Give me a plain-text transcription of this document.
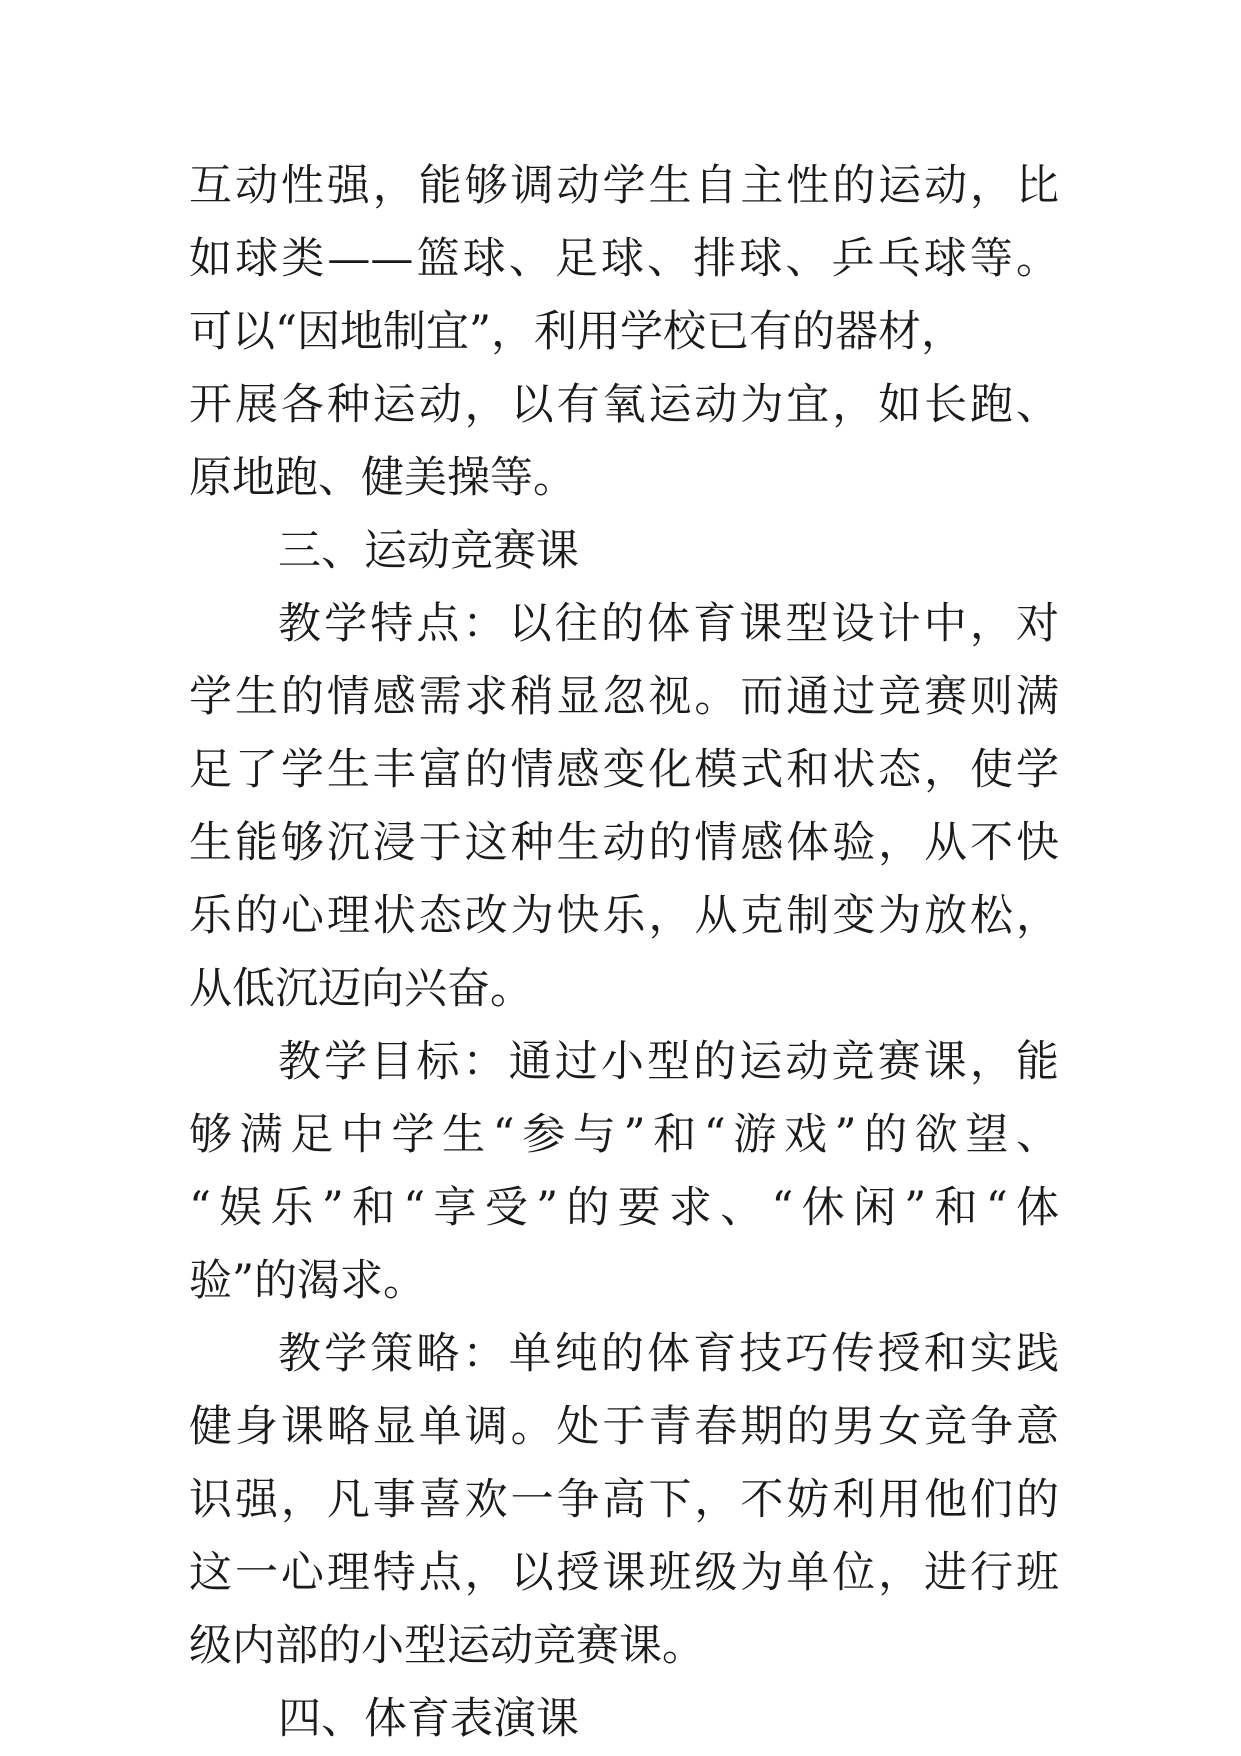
互动性强，能够调动学生自主性的运动，比
如球类——篮球、足球、排球、乒乓球等。
可以“因地制宜”，利用学校已有的器材，
开展各种运动，以有氧运动为宜，如长跑、
原地跑、健美操等。
三、运动竞赛课
教学特点：以往的体育课型设计中，对
学生的情感需求稍显忽视。而通过竞赛则满
足了学生丰富的情感变化模式和状态，使学
生能够沉浸于这种生动的情感体验，从不快
乐的心理状态改为快乐，从克制变为放松，
从低沉迈向兴奋。
教学目标：通过小型的运动竞赛课，能
够满足中学生“参与”和“游戏”的欲望、
“娱乐”和“享受”的要求、“休闲”和“体
验”的渴求。
教学策略：单纯的体育技巧传授和实践
健身课略显单调。处于青春期的男女竞争意
识强，凡事喜欢一争高下，不妨利用他们的
这一心理特点，以授课班级为单位，进行班
级内部的小型运动竞赛课。
四、体育表演课
